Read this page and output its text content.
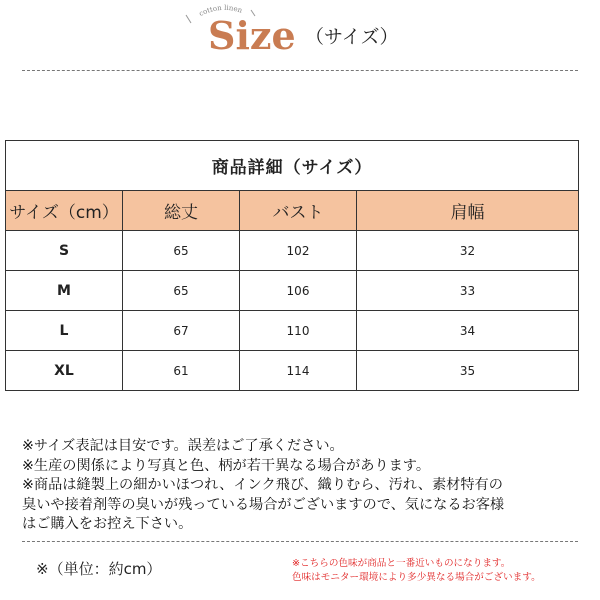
cotton linen
Size （サイズ）
商品詳細（サイズ）			
サイズ（cm）	総丈	バスト	肩幅
S	65	102	32
M	65	106	33
L	67	110	34
XL	61	114	35
※サイズ表記は目安です。誤差はご了承ください。
※生産の関係により写真と色、柄が若干異なる場合があります。
※商品は縫製上の細かいほつれ、インク飛び、織りむら、汚れ、素材特有の
臭いや接着剤等の臭いが残っている場合がございますので、気になるお客様
はご購入をお控え下さい。
※（単位：約cm）	※こちらの色味が商品と一番近いものになります。
色味はモニター環境により多少異なる場合がございます。
